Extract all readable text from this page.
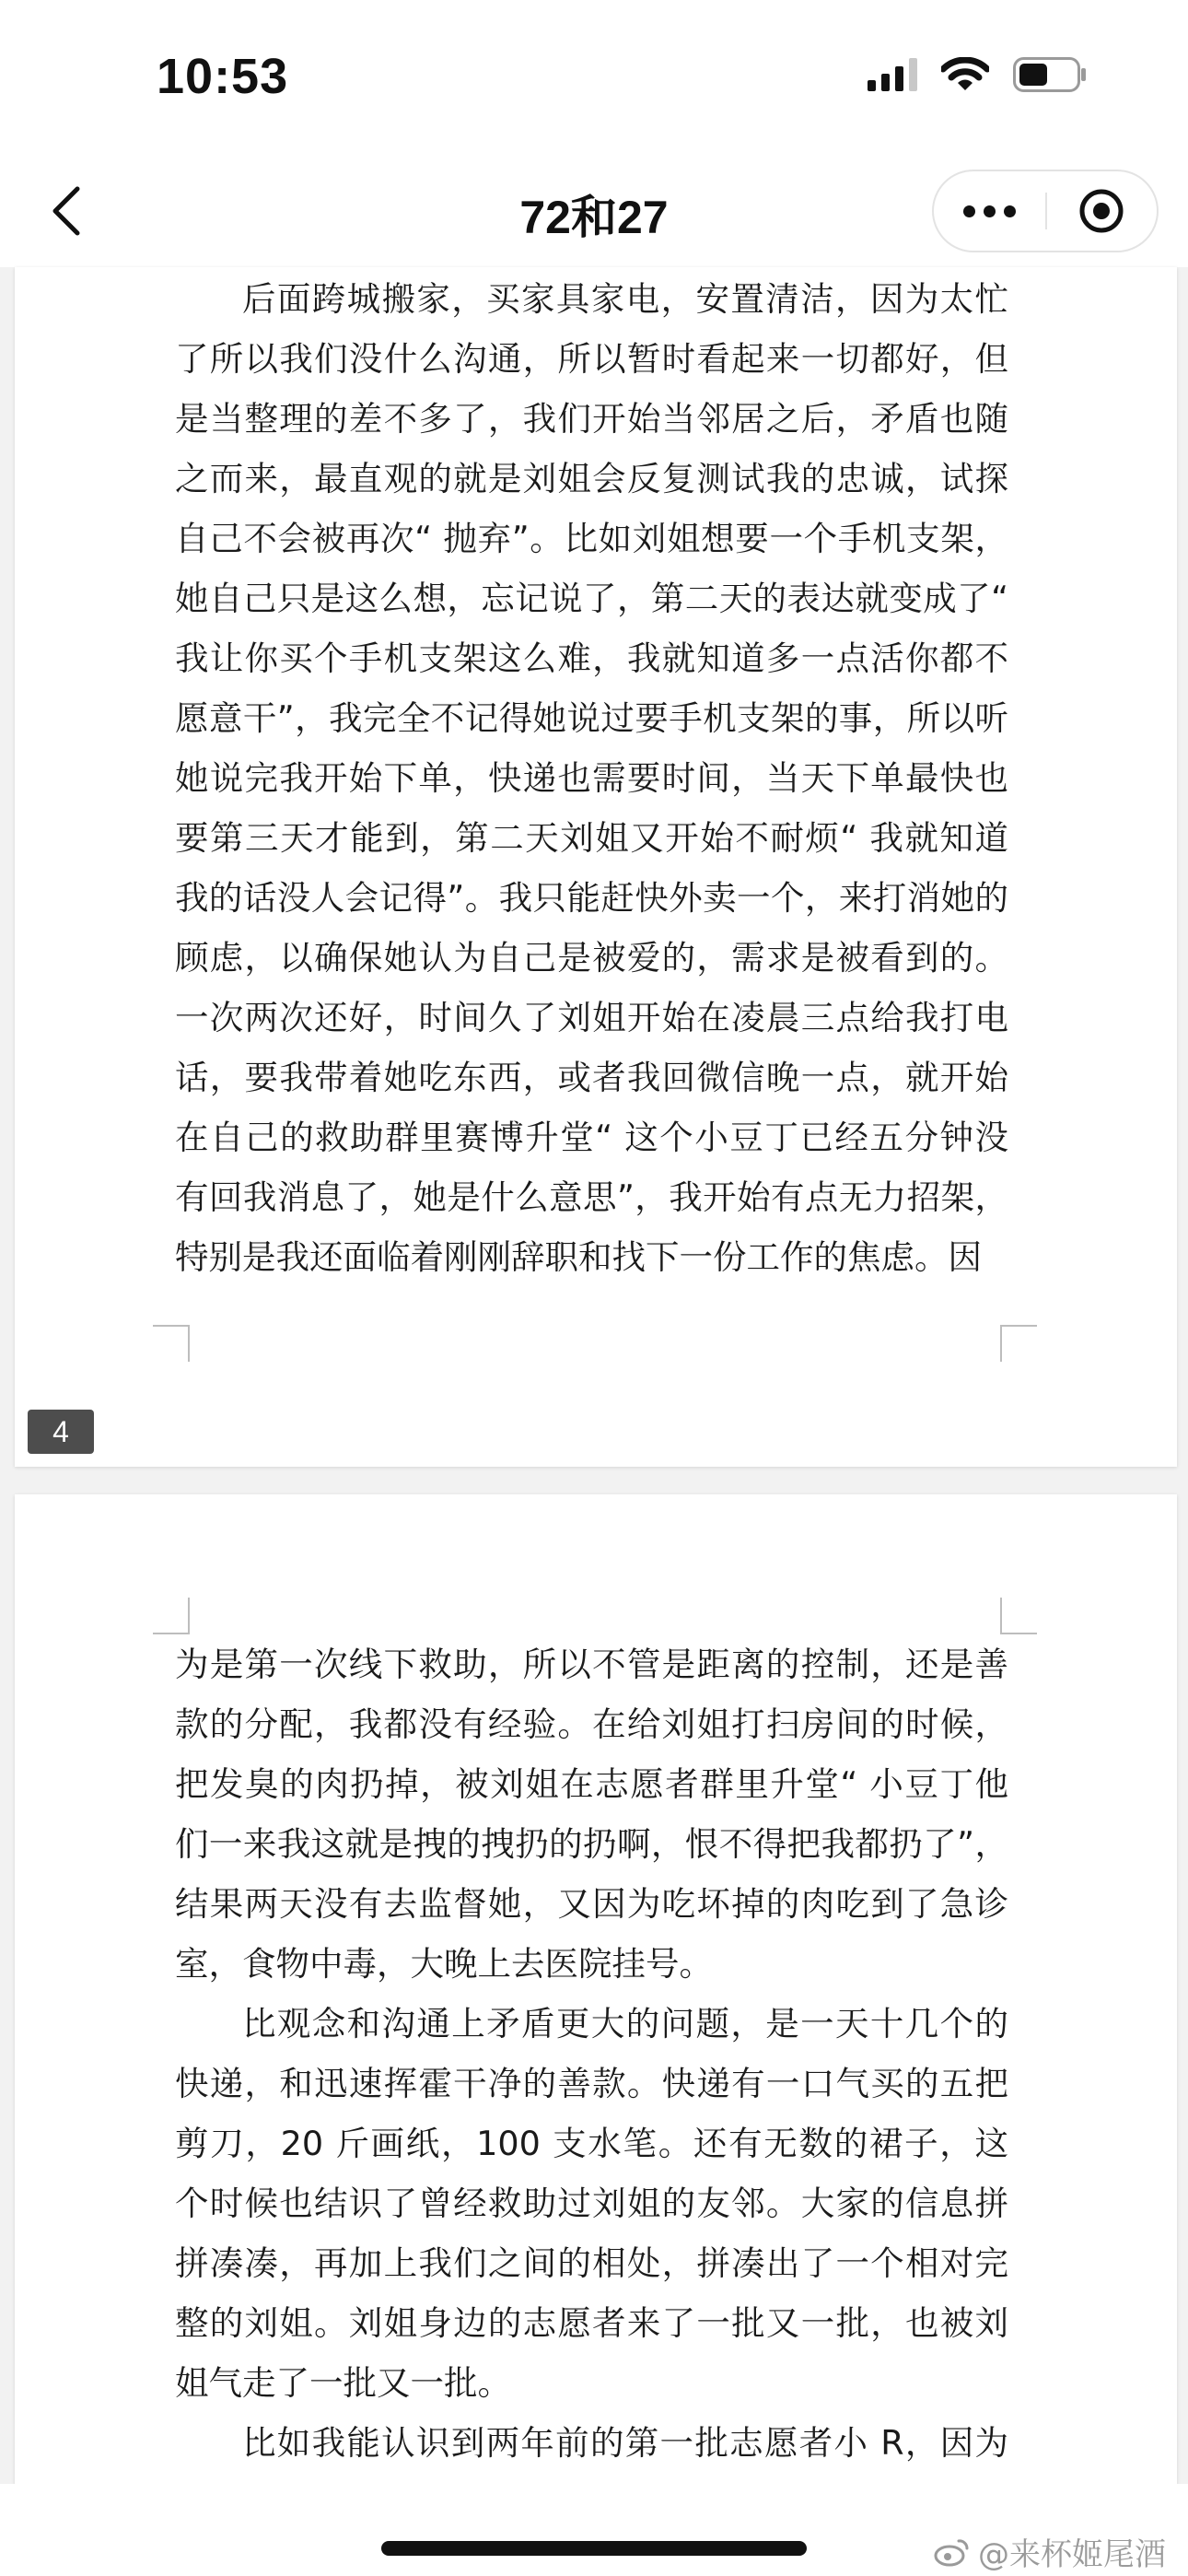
10:53
72和27

后面跨城搬家，买家具家电，安置清洁，因为太忙了所以我们没什么沟通，所以暂时看起来一切都好，但是当整理的差不多了，我们开始当邻居之后，矛盾也随之而来，最直观的就是刘姐会反复测试我的忠诚，试探自己不会被再次“ 抛弃”。比如刘姐想要一个手机支架，她自己只是这么想，忘记说了，第二天的表达就变成了“ 我让你买个手机支架这么难，我就知道多一点活你都不愿意干”，我完全不记得她说过要手机支架的事，所以听她说完我开始下单，快递也需要时间，当天下单最快也要第三天才能到，第二天刘姐又开始不耐烦“ 我就知道我的话没人会记得”。我只能赶快外卖一个，来打消她的顾虑，以确保她认为自己是被爱的，需求是被看到的。一次两次还好，时间久了刘姐开始在凌晨三点给我打电话，要我带着她吃东西，或者我回微信晚一点，就开始在自己的救助群里赛博升堂“ 这个小豆丁已经五分钟没有回我消息了，她是什么意思”，我开始有点无力招架，特别是我还面临着刚刚辞职和找下一份工作的焦虑。因

4

为是第一次线下救助，所以不管是距离的控制，还是善款的分配，我都没有经验。在给刘姐打扫房间的时候，把发臭的肉扔掉，被刘姐在志愿者群里升堂“ 小豆丁他们一来我这就是拽的拽扔的扔啊，恨不得把我都扔了”，结果两天没有去监督她，又因为吃坏掉的肉吃到了急诊室，食物中毒，大晚上去医院挂号。

比观念和沟通上矛盾更大的问题，是一天十几个的快递，和迅速挥霍干净的善款。快递有一口气买的五把剪刀，20 斤画纸，100 支水笔。还有无数的裙子，这个时候也结识了曾经救助过刘姐的友邻。大家的信息拼拼凑凑，再加上我们之间的相处，拼凑出了一个相对完整的刘姐。刘姐身边的志愿者来了一批又一批，也被刘姐气走了一批又一批。

比如我能认识到两年前的第一批志愿者小 R，因为

@来杯姬尾酒
